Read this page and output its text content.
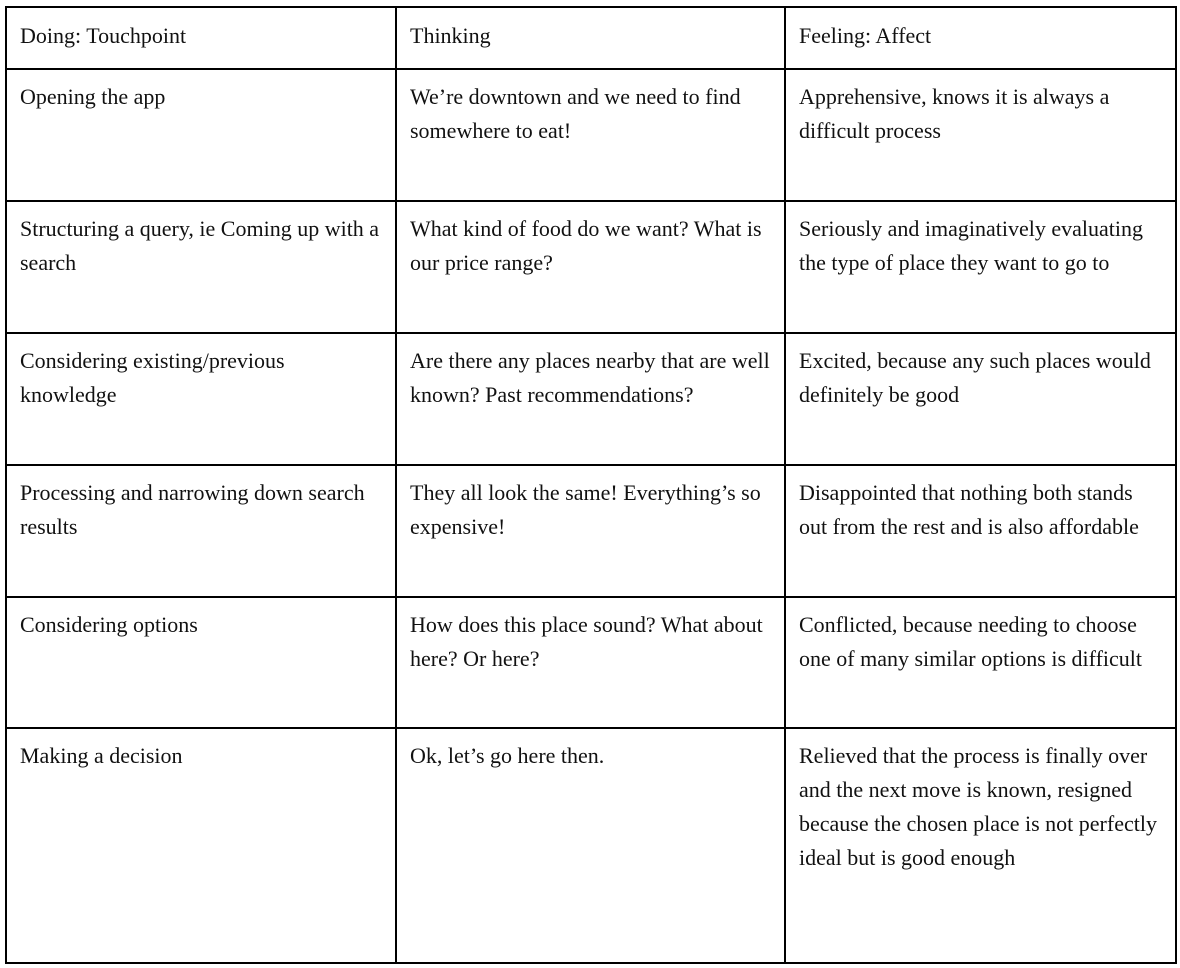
Doing: Touchpoint	Thinking	Feeling: Affect
Opening the app	We’re downtown and we need to find somewhere to eat!	Apprehensive, knows it is always a difficult process
Structuring a query, ie Coming up with a search	What kind of food do we want? What is our price range?	Seriously and imaginatively evaluating the type of place they want to go to
Considering existing/previous knowledge	Are there any places nearby that are well known? Past recommendations?	Excited, because any such places would definitely be good
Processing and narrowing down search results	They all look the same! Everything’s so expensive!	Disappointed that nothing both stands out from the rest and is also affordable
Considering options	How does this place sound? What about here? Or here?	Conflicted, because needing to choose one of many similar options is difficult
Making a decision	Ok, let’s go here then.	Relieved that the process is finally over and the next move is known, resigned because the chosen place is not perfectly ideal but is good enough
